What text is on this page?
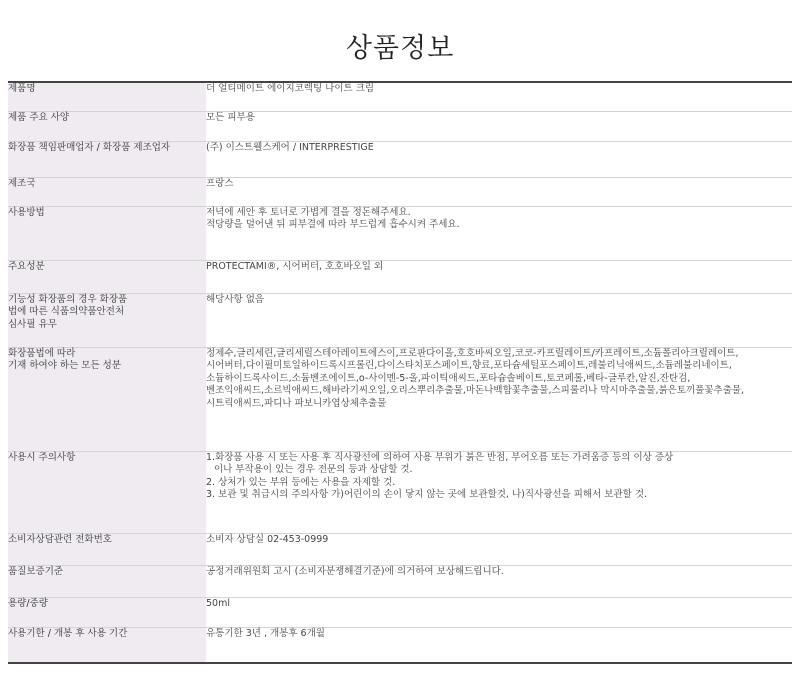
상품정보
제품명	더 얼티메이트 에이지코렉팅 나이트 크림

제품 주요 사양	모든 피부용

화장품 책임판매업자 / 화장품 제조업자	(주) 이스트웰스케어 / INTERPRESTIGE

제조국	프랑스

사용방법	저녁에 세안 후 토너로 가볍게 결을 정돈해주세요.
적당량을 덜어낸 뒤 피부결에 따라 부드럽게 흡수시켜 주세요.

주요성분	PROTECTAMI®, 시어버터, 호호바오일 외

기능성 화장품의 경우 화장품
법에 따른 식품의약품안전처
심사필 유무	해당사항 없음

화장품법에 따라
기재 하여야 하는 모든 성분	정제수,글리세린,글리세릴스테아레이트에스이,프로판다이올,호호바씨오일,코코-카프릴레이트/카프레이트,소듐폴리아크릴레이트,
시어버터,다이필미토일하이드록시프롤린,다이스타치포스페이트,향료,포타슘세틸포스페이트,레불리닉애씨드,소듐레불리네이트,
소듐하이드록사이드,소듐벤조에이트,o-사이멘-5-올,파이틱애씨드,포타슘솔베이트,토코페롤,베타-글루칸,알진,잔탄검,
벤조익애씨드,소르빅애씨드,해바라기씨오일,오리스뿌리추출물,마돈나백합꽃추출물,스피룰리나 막시마추출물,붉은토끼풀꽃추출물,
시트릭애씨드,파디나 파보니카엽상체추출물

사용시 주의사항	1.화장품 사용 시 또는 사용 후 직사광선에 의하여 사용 부위가 붉은 반점, 부어오름 또는 가려움증 등의 이상 증상
이나 부작용이 있는 경우 전문의 등과 상담할 것.
2. 상처가 있는 부위 등에는 사용을 자제할 것.
3. 보관 및 취급시의 주의사항 가)어린이의 손이 닿지 않는 곳에 보관할것, 나)직사광선을 피해서 보관할 것.

소비자상담관련 전화번호	소비자 상담실 02-453-0999

품질보증기준	공정거래위원회 고시 (소비자분쟁해결기준)에 의거하여 보상해드립니다.

용량/중량	50ml

사용기한 / 개봉 후 사용 기간	유통기한 3년 , 개봉후 6개월
